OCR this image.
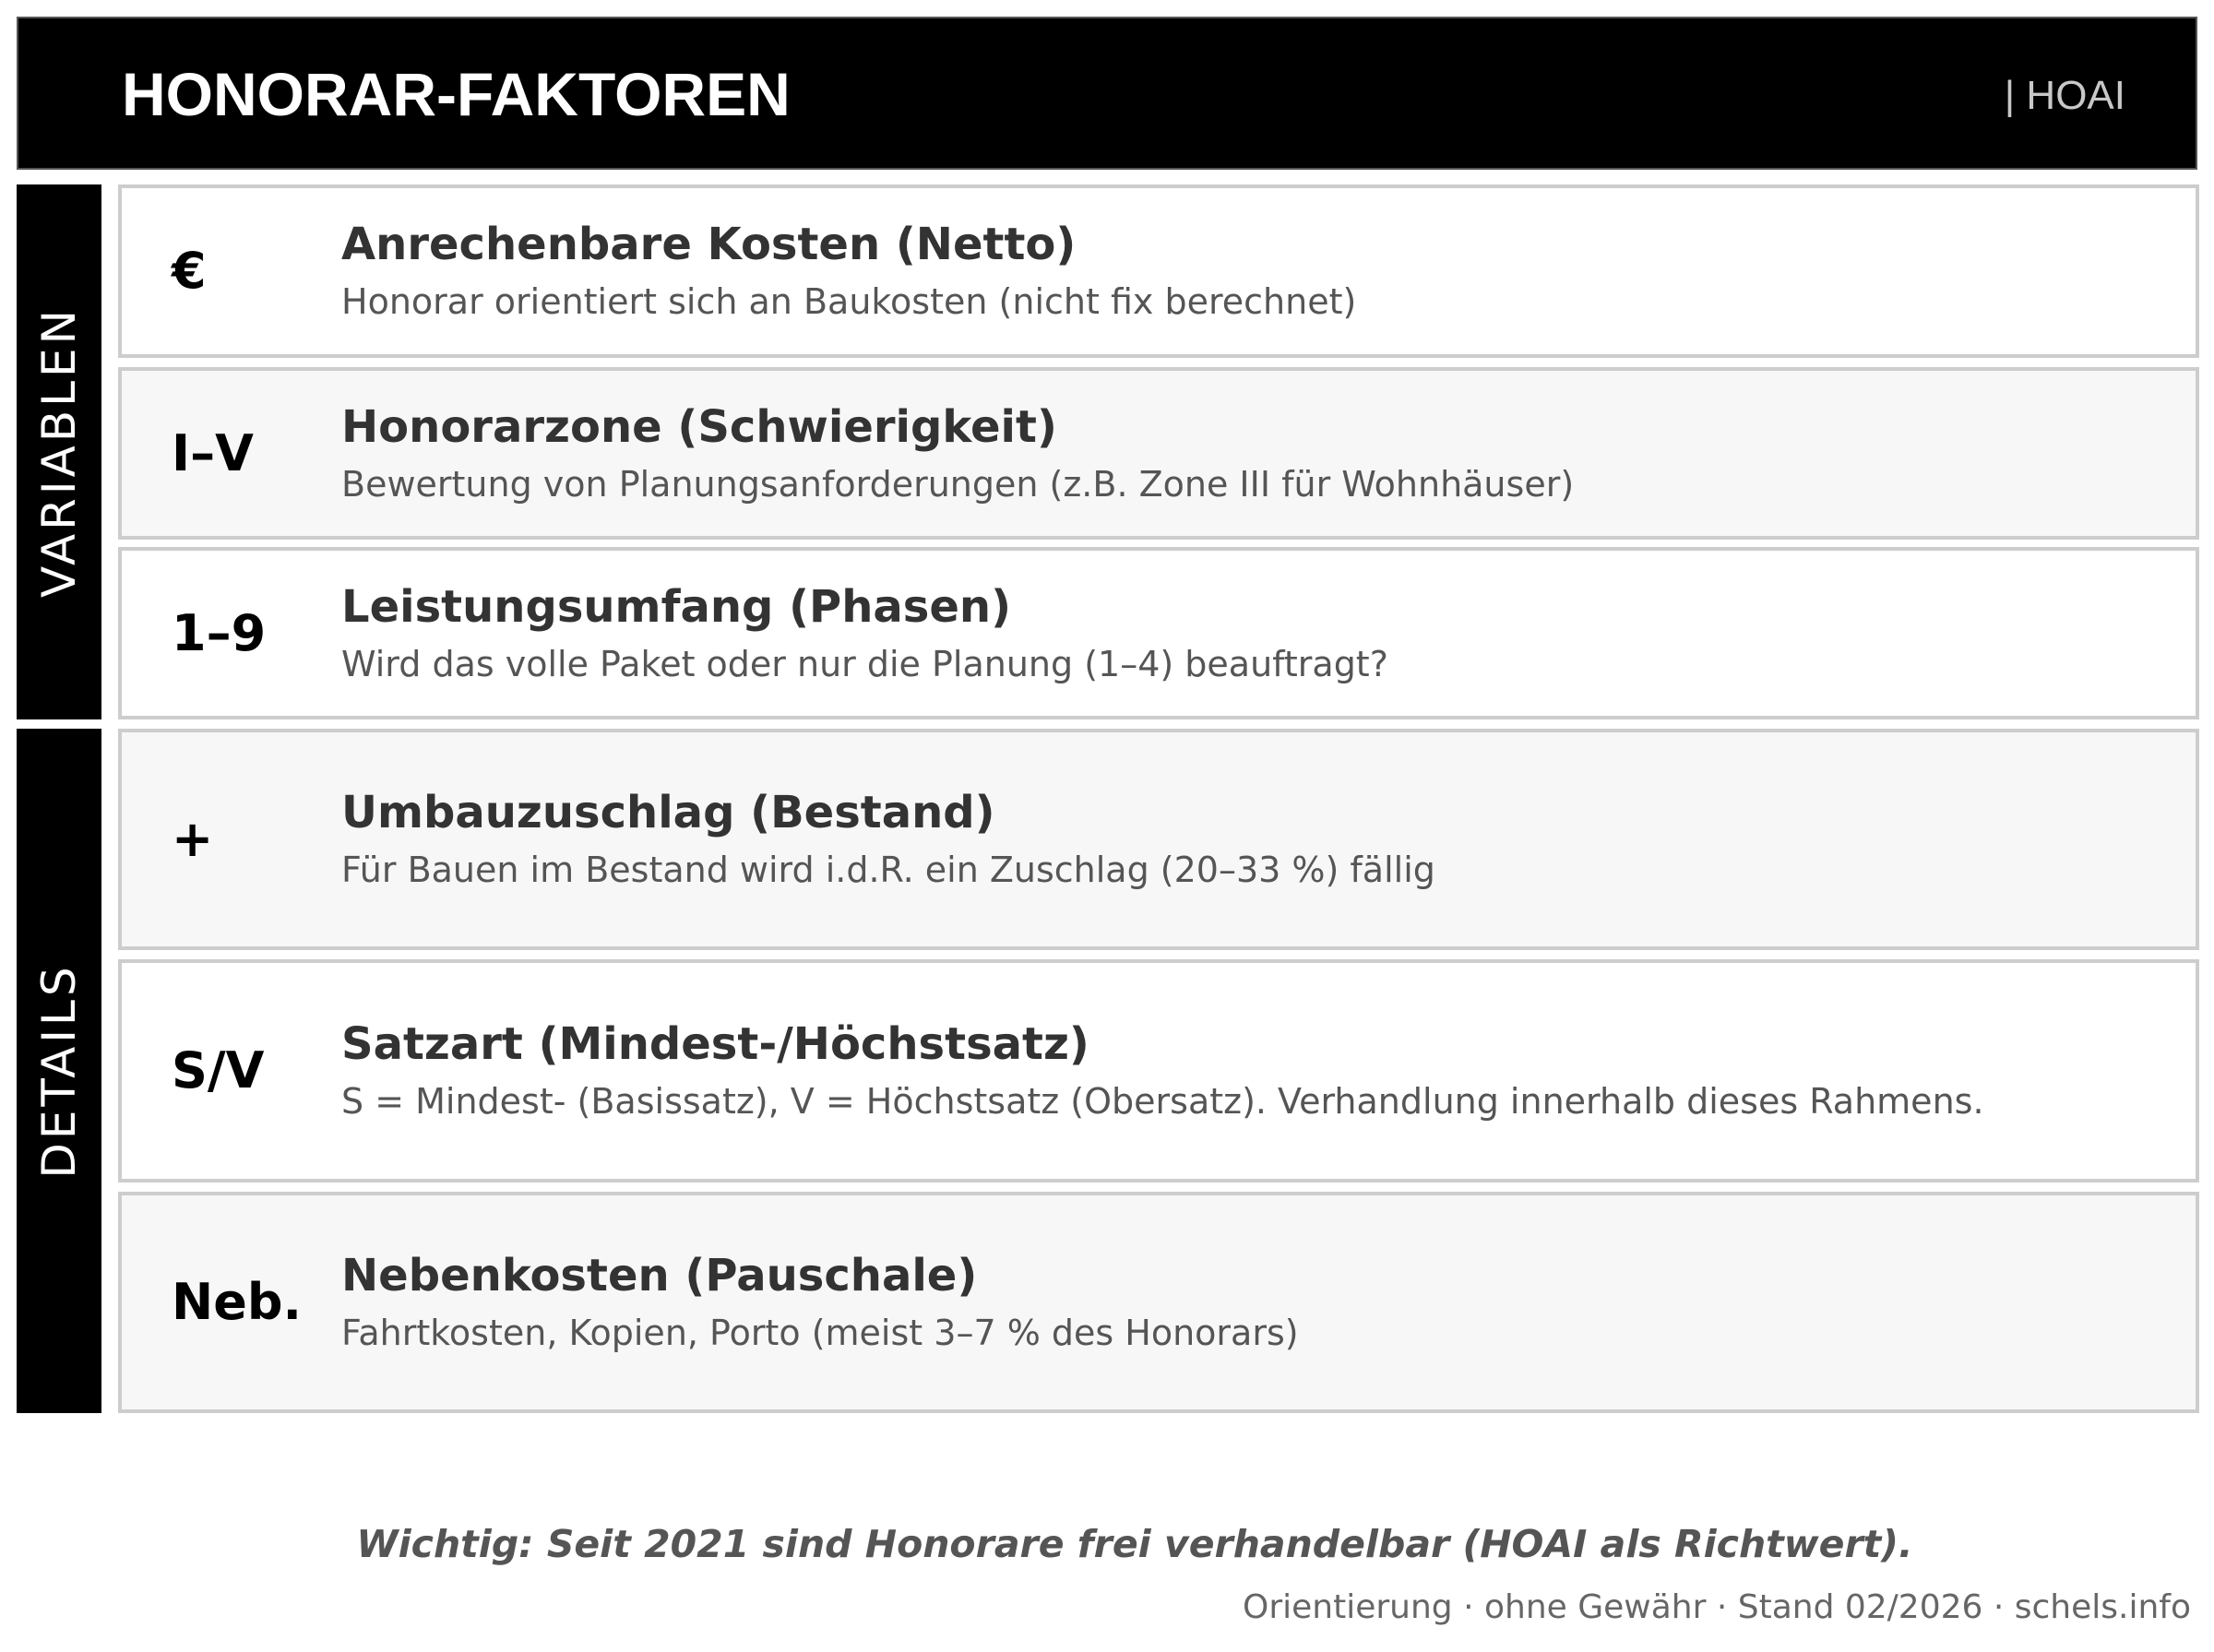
HONORAR-FAKTOREN	| HOAI
VARIABLEN
DETAILS
€	Anrechenbare Kosten (Netto)
Honorar orientiert sich an Baukosten (nicht fix berechnet)
I–V Honorarzone (Schwierigkeit)
Bewertung von Planungsanforderungen (z.B. Zone III für Wohnhäuser)
1–9 Leistungsumfang (Phasen)
Wird das volle Paket oder nur die Planung (1–4) beauftragt?
+	Umbauzuschlag (Bestand)
Für Bauen im Bestand wird i.d.R. ein Zuschlag (20–33 %) fällig
S/V Satzart (Mindest-/Höchstsatz)
S = Mindest- (Basissatz), V = Höchstsatz (Obersatz). Verhandlung innerhalb dieses Rahmens.
Neb. Nebenkosten (Pauschale)
Fahrtkosten, Kopien, Porto (meist 3–7 % des Honorars)
Wichtig: Seit 2021 sind Honorare frei verhandelbar (HOAI als Richtwert).
Orientierung · ohne Gewähr · Stand 02/2026 · schels.info
